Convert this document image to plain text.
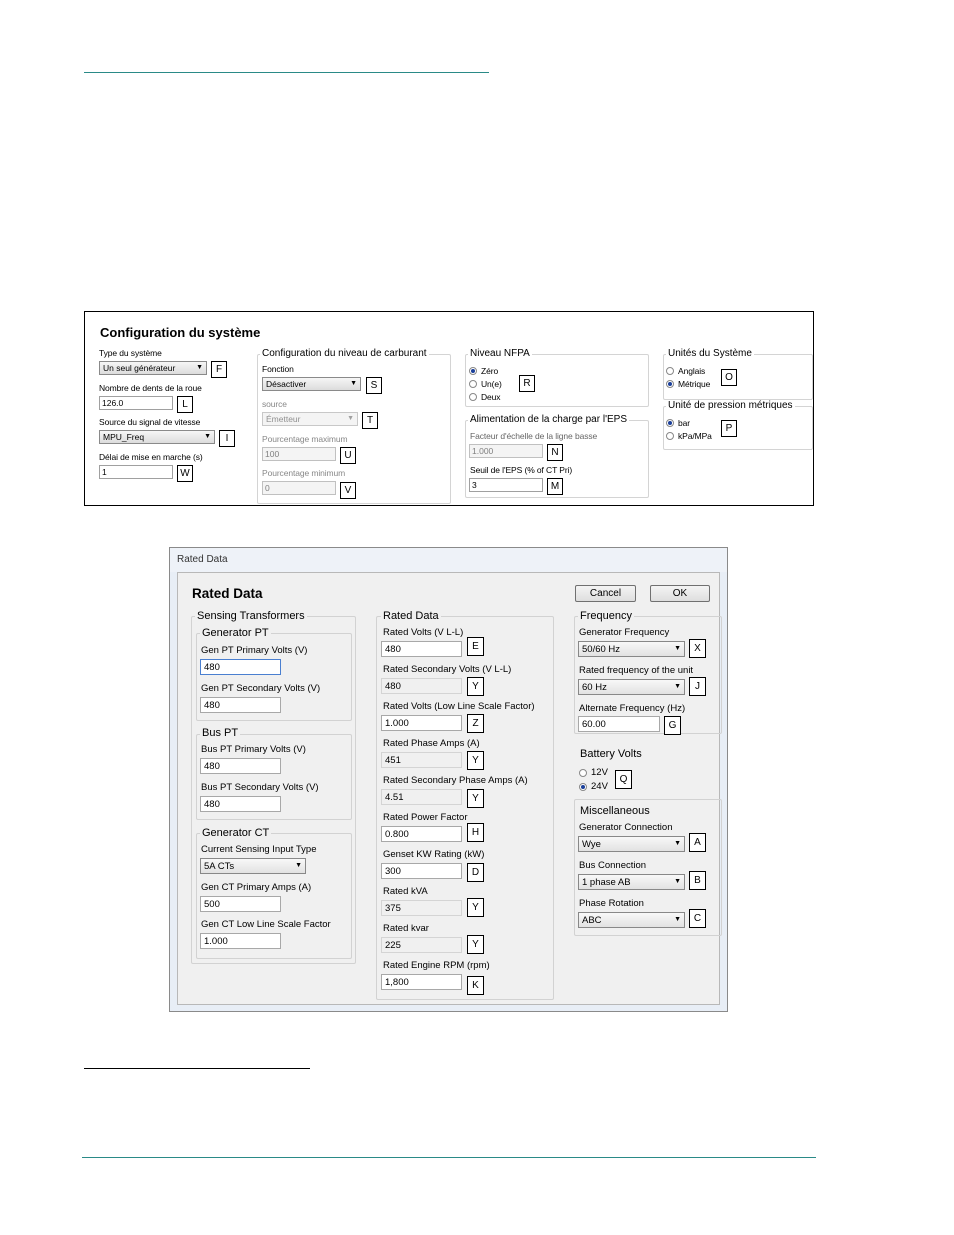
Configuration du système
Type du système
Un seul générateur	▼	F
Nombre de dents de la roue
126.0	L
Source du signal de vitesse
MPU_Freq	▼	I
Délai de mise en marche (s)
1	W
Configuration du niveau de carburant
Fonction
Désactiver	▼	S
source
Émetteur	▼	T
Pourcentage maximum
100	U
Pourcentage minimum
0	V
Niveau NFPA
Zéro
Un(e)
Deux
R
Alimentation de la charge par l'EPS
Facteur d'échelle de la ligne basse
1.000	N
Seuil de l'EPS (% of CT Pri)
3	M
Unités du Système
Anglais
Métrique
O
Unité de pression métriques
bar
kPa/MPa
P
Rated Data
Rated Data	Cancel	OK
Sensing Transformers
Generator PT
Gen PT Primary Volts (V)
480
Gen PT Secondary Volts (V)
480
Bus PT
Bus PT Primary Volts (V)
480
Bus PT Secondary Volts (V)
480
Generator CT
Current Sensing Input Type
5A CTs	▼
Gen CT Primary Amps (A)
500
Gen CT Low Line Scale Factor
1.000
Rated Data
Rated Volts (V L-L)
480	E
Rated Secondary Volts (V L-L)
480	Y
Rated Volts (Low Line Scale Factor)
1.000	Z
Rated Phase Amps (A)
451	Y
Rated Secondary Phase Amps (A)
4.51	Y
Rated Power Factor
0.800	H
Genset KW Rating (kW)
300	D
Rated kVA
375	Y
Rated kvar
225	Y
Rated Engine RPM (rpm)
1,800	K
Frequency
Generator Frequency
50/60 Hz	▼	X
Rated frequency of the unit
60 Hz	▼	J
Alternate Frequency (Hz)
60.00	G
Battery Volts
12V
24V
Q
Miscellaneous
Generator Connection
Wye	▼	A
Bus Connection
1 phase AB	▼	B
Phase Rotation
ABC	▼	C
